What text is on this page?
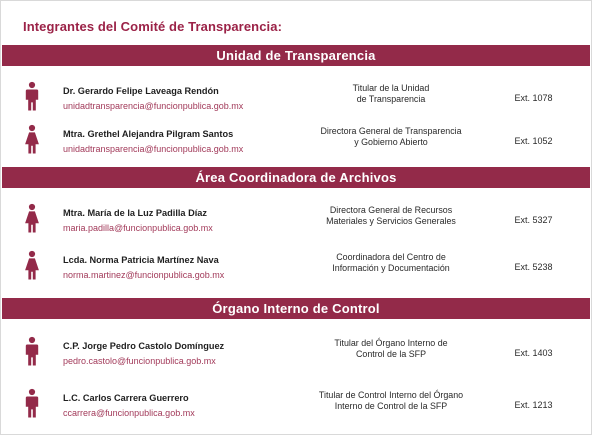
Integrantes del Comité de Transparencia:
Unidad de Transparencia
Dr. Gerardo Felipe Laveaga Rendón
unidadtransparencia@funcionpublica.gob.mx
Titular de la Unidad
de Transparencia	Ext. 1078
Mtra. Grethel Alejandra Pilgram Santos
unidadtransparencia@funcionpublica.gob.mx
Directora General de Transparencia
y Gobierno Abierto	Ext. 1052
Área Coordinadora de Archivos
Mtra. María de la Luz Padilla Díaz
maria.padilla@funcionpublica.gob.mx
Directora General de Recursos
Materiales y Servicios Generales	Ext. 5327
Lcda. Norma Patricia Martínez Nava
norma.martinez@funcionpublica.gob.mx
Coordinadora del Centro de
Información y Documentación	Ext. 5238
Órgano Interno de Control
C.P. Jorge Pedro Castolo Domínguez
pedro.castolo@funcionpublica.gob.mx
Titular del Órgano Interno de
Control de la SFP	Ext. 1403
L.C. Carlos Carrera Guerrero
ccarrera@funcionpublica.gob.mx
Titular de Control Interno del Órgano
Interno de Control de la SFP	Ext. 1213
